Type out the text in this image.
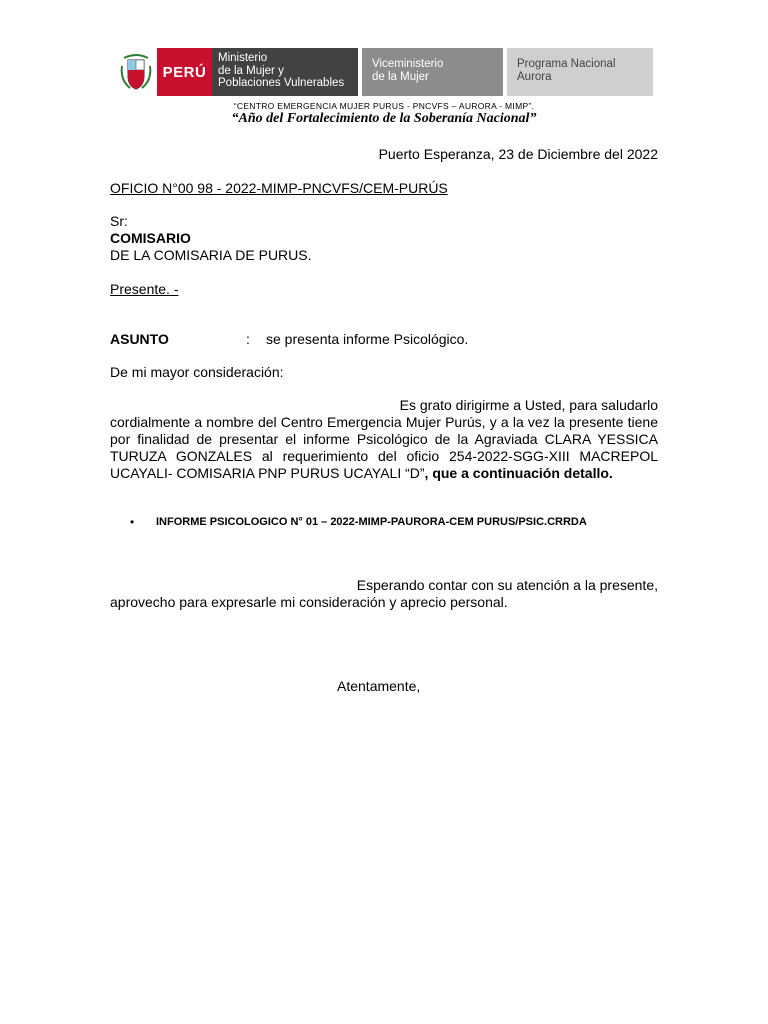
PERÚ
Ministerio
de la Mujer y
Poblaciones Vulnerables
Viceministerio
de la Mujer
Programa Nacional
Aurora
“CENTRO EMERGENCIA MUJER PURUS - PNCVFS – AURORA - MIMP”.
“Año del Fortalecimiento de la Soberanía Nacional”
Puerto Esperanza, 23 de Diciembre del 2022
OFICIO N°00 98 - 2022-MIMP-PNCVFS/CEM-PURÚS
Sr:
COMISARIO
DE LA COMISARIA DE PURUS.
Presente. -
ASUNTO	: se presenta informe Psicológico.
De mi mayor consideración:
Es grato dirigirme a Usted, para saludarlo
cordialmente a nombre del Centro Emergencia Mujer Purús, y a la vez la presente tiene por finalidad de presentar el informe Psicológico de la Agraviada CLARA YESSICA TURUZA GONZALES al requerimiento del oficio 254-2022-SGG-XIII MACREPOL UCAYALI- COMISARIA PNP PURUS UCAYALI “D”, que a continuación detallo.
•	INFORME PSICOLOGICO N° 01 – 2022-MIMP-PAURORA-CEM PURUS/PSIC.CRRDA
Esperando contar con su atención a la presente,
aprovecho para expresarle mi consideración y aprecio personal.
Atentamente,
